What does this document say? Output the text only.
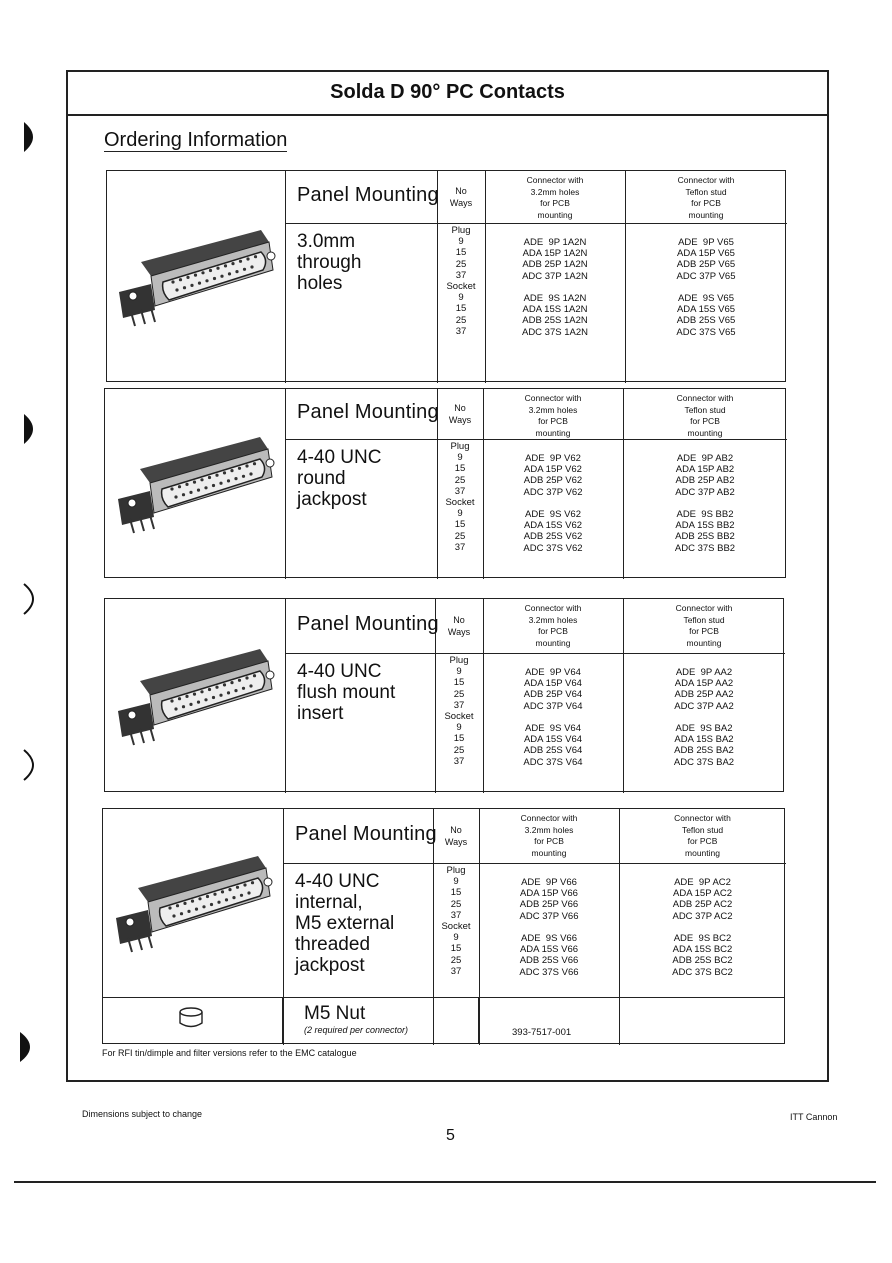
Solda D 90° PC Contacts
Ordering Information
Panel Mounting
3.0mm
through
holes
No
Ways
Connector with
3.2mm holes
for PCB
mounting
Connector with
Teflon stud
for PCB
mounting
Plug
9
15
25
37
Socket
9
15
25
37
ADE  9P 1A2N
ADA 15P 1A2N
ADB 25P 1A2N
ADC 37P 1A2N

ADE  9S 1A2N
ADA 15S 1A2N
ADB 25S 1A2N
ADC 37S 1A2N
ADE  9P V65
ADA 15P V65
ADB 25P V65
ADC 37P V65

ADE  9S V65
ADA 15S V65
ADB 25S V65
ADC 37S V65
Panel Mounting
4-40 UNC
round
jackpost
No
Ways
Connector with
3.2mm holes
for PCB
mounting
Connector with
Teflon stud
for PCB
mounting
Plug
9
15
25
37
Socket
9
15
25
37
ADE  9P V62
ADA 15P V62
ADB 25P V62
ADC 37P V62

ADE  9S V62
ADA 15S V62
ADB 25S V62
ADC 37S V62
ADE  9P AB2
ADA 15P AB2
ADB 25P AB2
ADC 37P AB2

ADE  9S BB2
ADA 15S BB2
ADB 25S BB2
ADC 37S BB2
Panel Mounting
4-40 UNC
flush mount
insert
No
Ways
Connector with
3.2mm holes
for PCB
mounting
Connector with
Teflon stud
for PCB
mounting
Plug
9
15
25
37
Socket
9
15
25
37
ADE  9P V64
ADA 15P V64
ADB 25P V64
ADC 37P V64

ADE  9S V64
ADA 15S V64
ADB 25S V64
ADC 37S V64
ADE  9P AA2
ADA 15P AA2
ADB 25P AA2
ADC 37P AA2

ADE  9S BA2
ADA 15S BA2
ADB 25S BA2
ADC 37S BA2
Panel Mounting
4-40 UNC
internal,
M5 external
threaded
jackpost
No
Ways
Connector with
3.2mm holes
for PCB
mounting
Connector with
Teflon stud
for PCB
mounting
Plug
9
15
25
37
Socket
9
15
25
37
ADE  9P V66
ADA 15P V66
ADB 25P V66
ADC 37P V66

ADE  9S V66
ADA 15S V66
ADB 25S V66
ADC 37S V66
ADE  9P AC2
ADA 15P AC2
ADB 25P AC2
ADC 37P AC2

ADE  9S BC2
ADA 15S BC2
ADB 25S BC2
ADC 37S BC2
M5 Nut
(2 required per connector)	393-7517-001
For RFI tin/dimple and filter versions refer to the EMC catalogue
Dimensions subject to change	ITT Cannon
5
